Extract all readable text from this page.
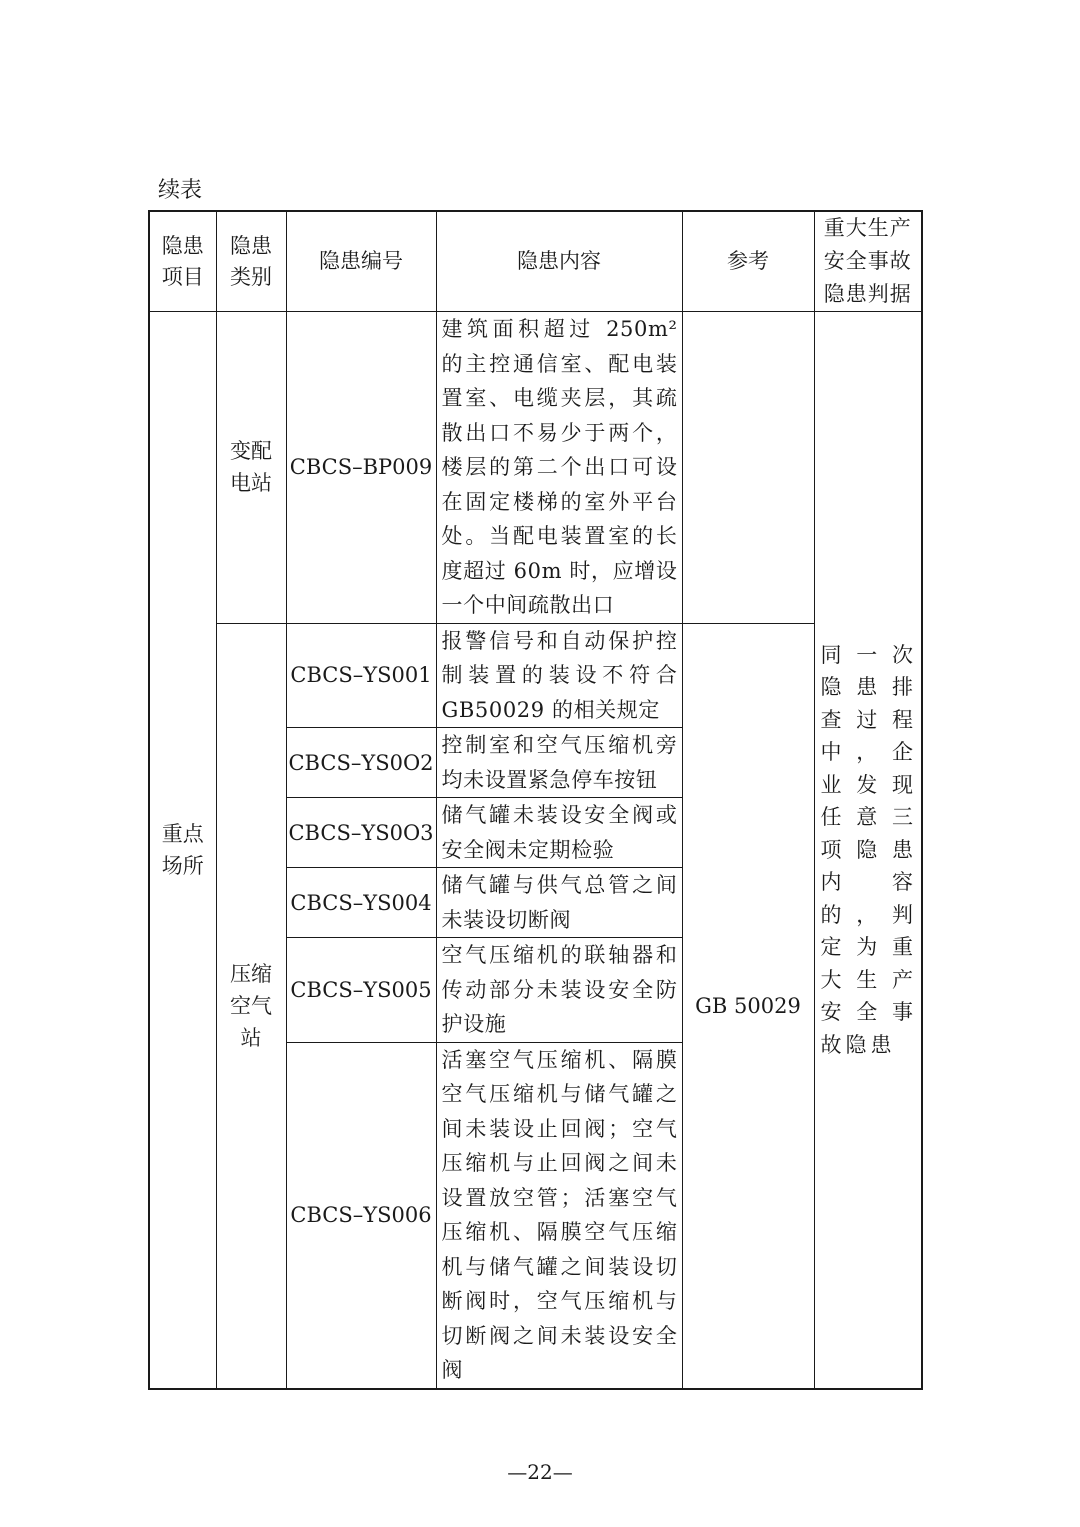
续表
隐患项目	隐患类别	隐患编号	隐患内容	参考	重大生产安全事故隐患判据

重点场所	变配电站	CBCS–BP009	建筑面积超过 250m² 的主控通信室、配电装置室、电缆夹层，其疏散出口不易少于两个，楼层的第二个出口可设在固定楼梯的室外平台处。当配电装置室的长度超过 60m 时，应增设一个中间疏散出口		同一次隐患排查过程中，企业发现任意三项隐患内容的，判定为重大生产安全事故隐患

	压缩空气站	CBCS–YS001	报警信号和自动保护控制装置的装设不符合 GB50029 的相关规定	GB 50029	
		CBCS–YS0O2	控制室和空气压缩机旁均未设置紧急停车按钮		
		CBCS–YS0O3	储气罐未装设安全阀或安全阀未定期检验		
		CBCS–YS004	储气罐与供气总管之间未装设切断阀		
		CBCS–YS005	空气压缩机的联轴器和传动部分未装设安全防护设施		
		CBCS–YS006	活塞空气压缩机、隔膜空气压缩机与储气罐之间未装设止回阀；空气压缩机与止回阀之间未设置放空管；活塞空气压缩机、隔膜空气压缩机与储气罐之间装设切断阀时，空气压缩机与切断阀之间未装设安全阀		
—22—
